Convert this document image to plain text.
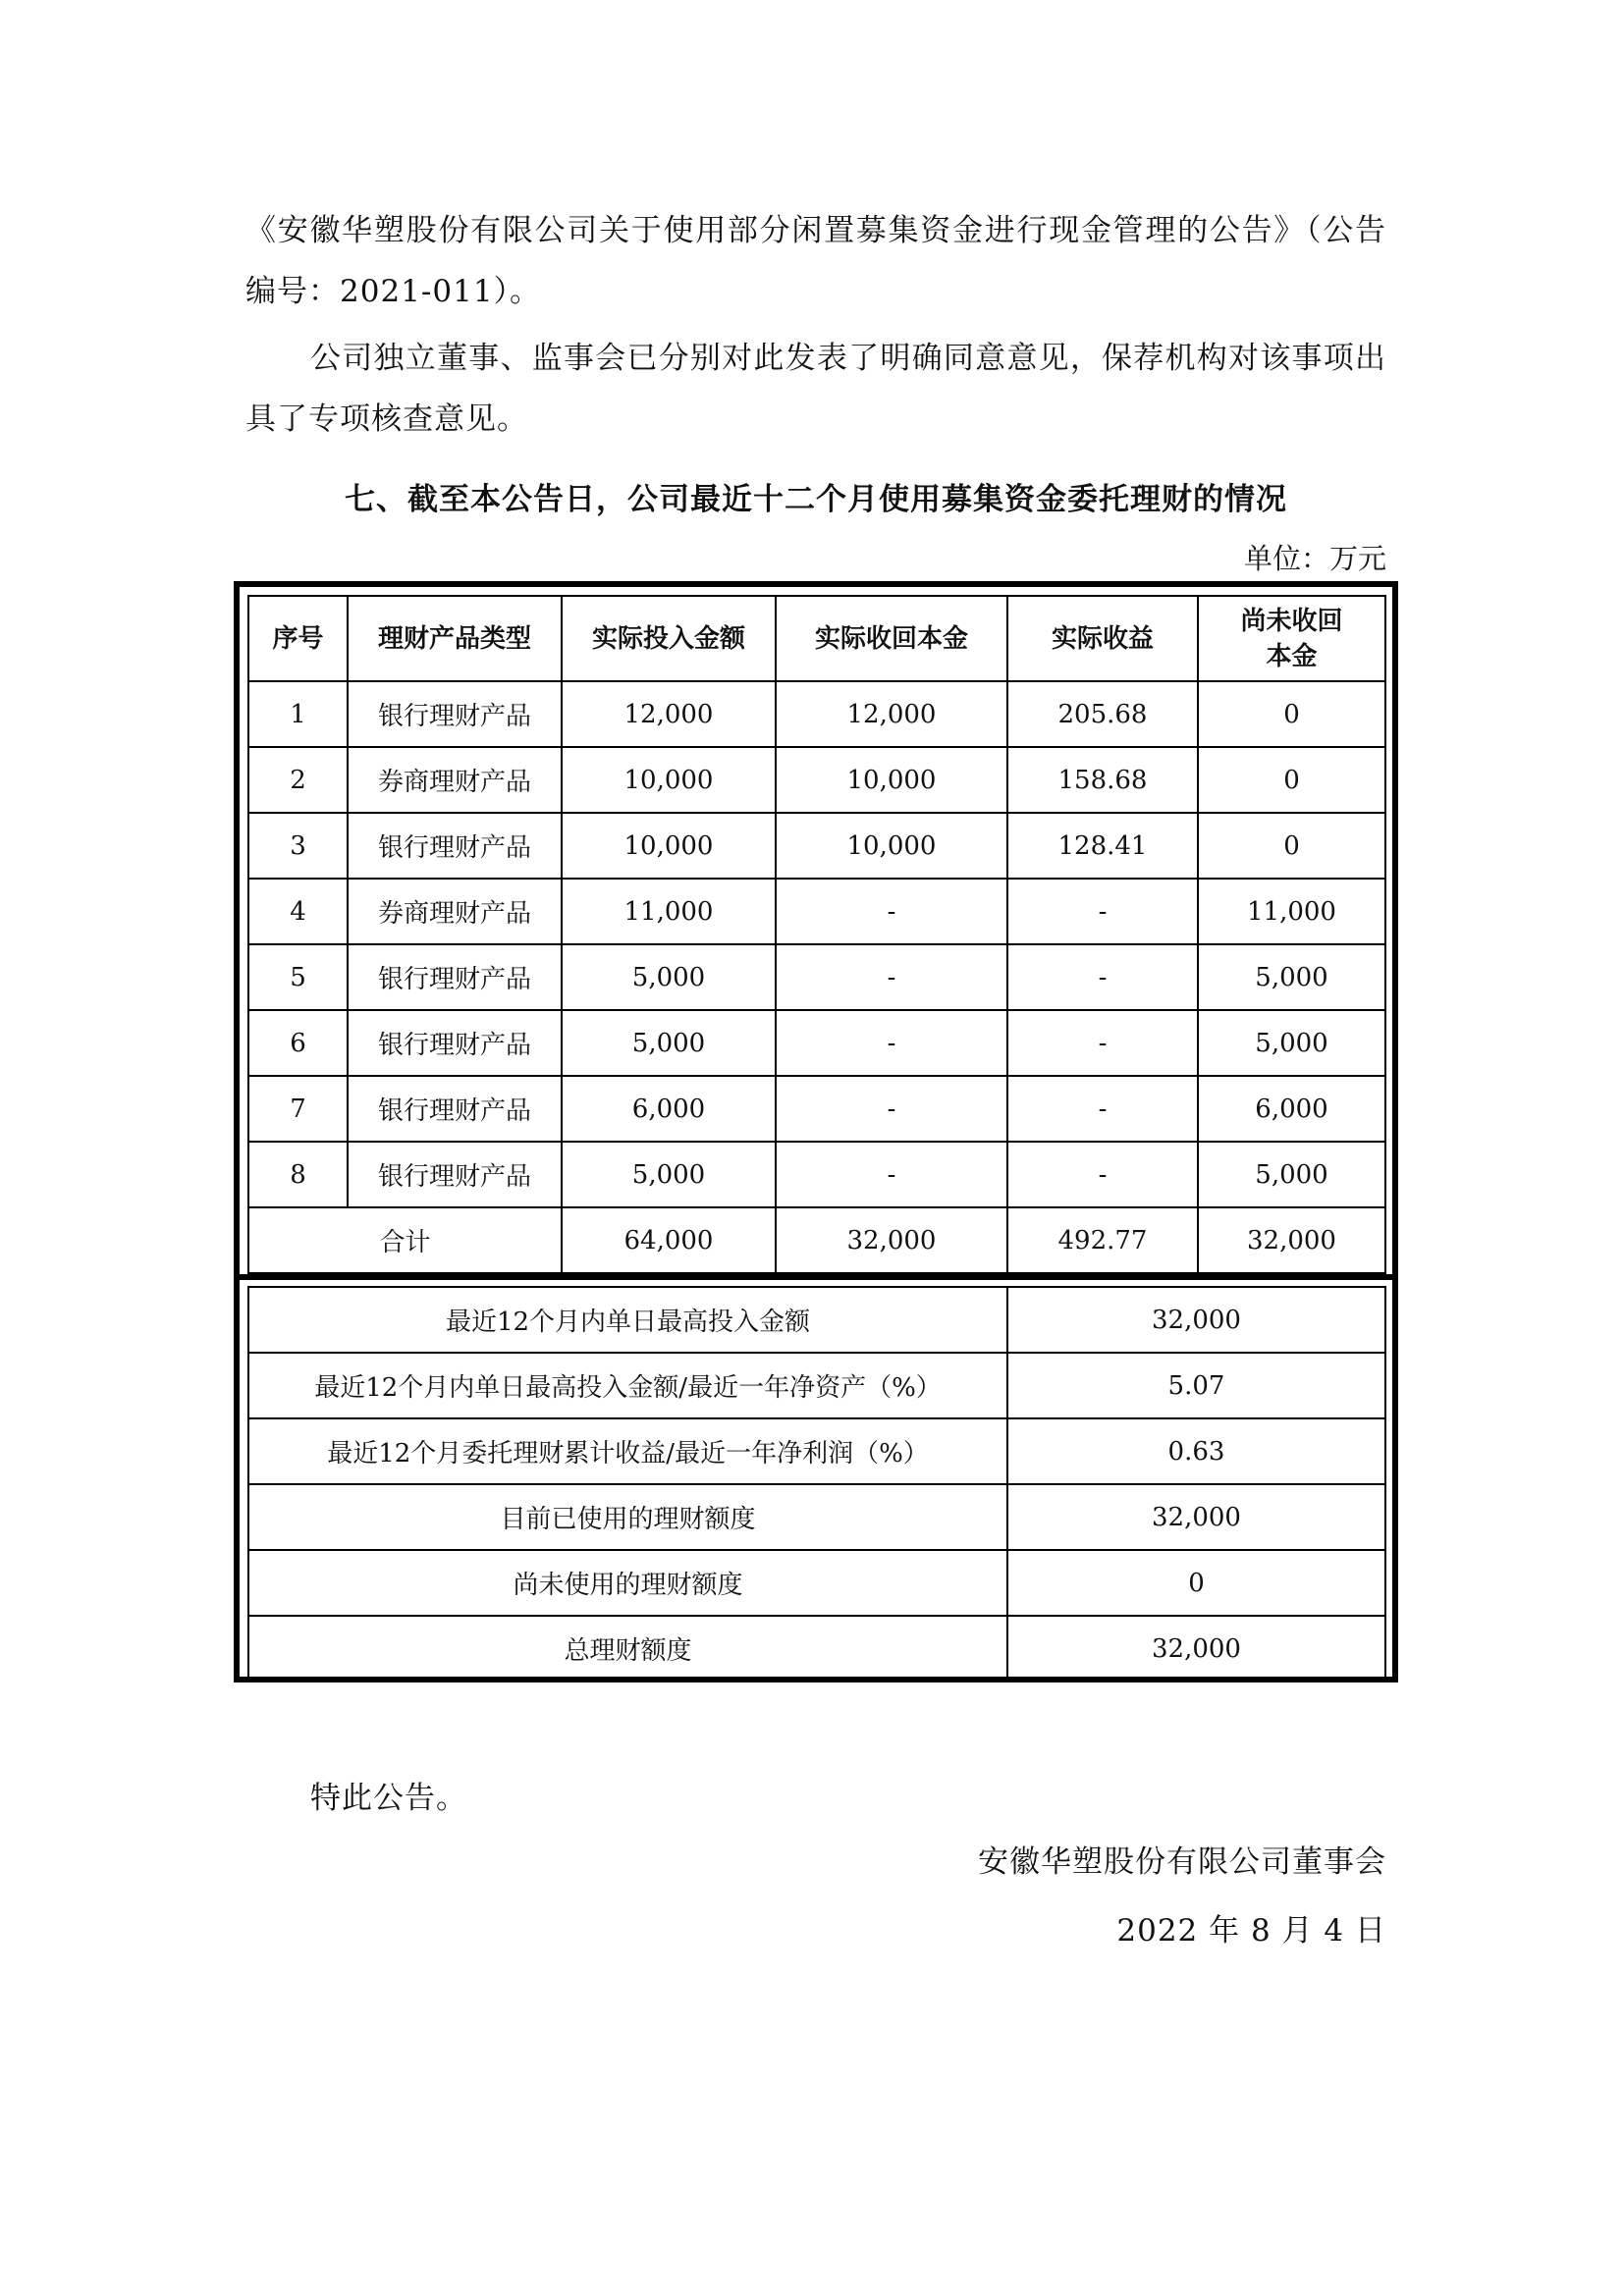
《安徽华塑股份有限公司关于使用部分闲置募集资金进行现金管理的公告》（公告编号：2021-011）。

公司独立董事、监事会已分别对此发表了明确同意意见，保荐机构对该事项出具了专项核查意见。

七、截至本公告日，公司最近十二个月使用募集资金委托理财的情况
单位：万元
序号	理财产品类型	实际投入金额	实际收回本金	实际收益	尚未收回本金
1	银行理财产品	12,000	12,000	205.68	0
2	券商理财产品	10,000	10,000	158.68	0
3	银行理财产品	10,000	10,000	128.41	0
4	券商理财产品	11,000	-	-	11,000
5	银行理财产品	5,000	-	-	5,000
6	银行理财产品	5,000	-	-	5,000
7	银行理财产品	6,000	-	-	6,000
8	银行理财产品	5,000	-	-	5,000
合计		64,000	32,000	492.77	32,000
最近12个月内单日最高投入金额	32,000
最近12个月内单日最高投入金额/最近一年净资产（%）	5.07
最近12个月委托理财累计收益/最近一年净利润（%）	0.63
目前已使用的理财额度	32,000
尚未使用的理财额度	0
总理财额度	32,000
特此公告。
安徽华塑股份有限公司董事会
2022 年 8 月 4 日
